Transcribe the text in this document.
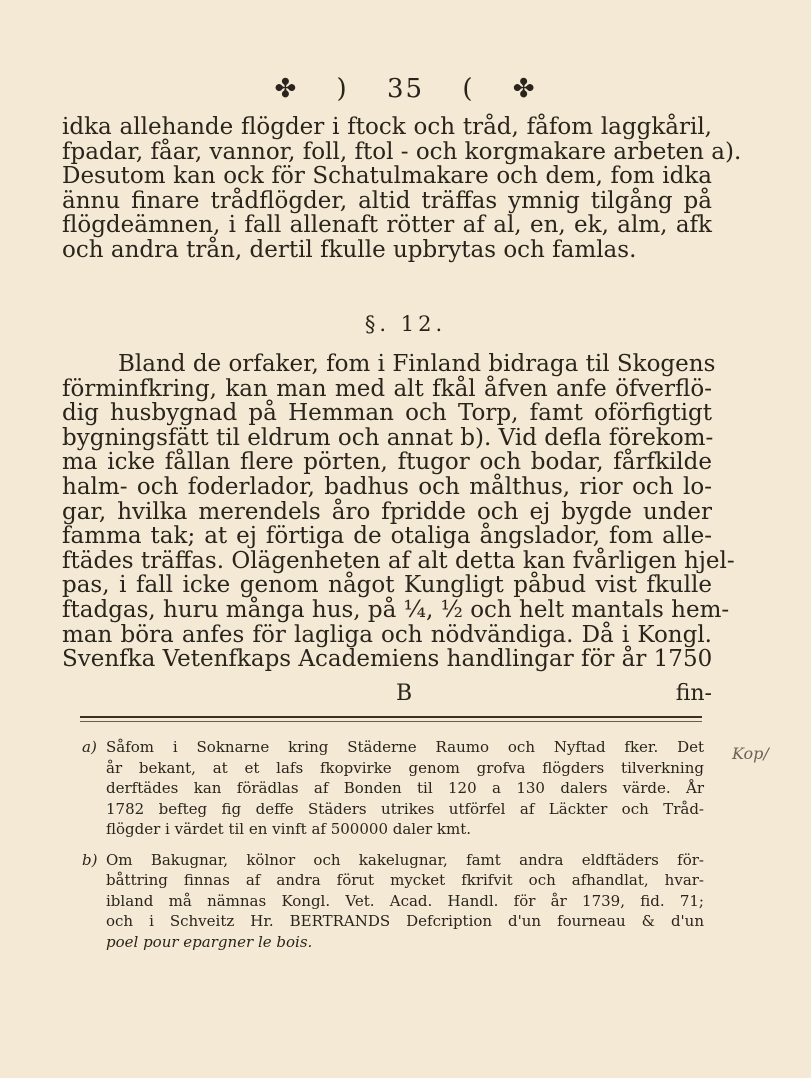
✤ ) 35 ( ✤
idka allehande flögder i ftock och tråd, fåfom laggkåril,
fpadar, fåar, vannor, foll, ftol - och korgmakare arbeten a).
Desutom kan ock för Schatulmakare och dem, fom idka
ännu finare trådflögder, altid träffas ymnig tilgång på
flögdeämnen, i fall allenaft rötter af al, en, ek, alm, afk
och andra trån, dertil fkulle upbrytas och famlas.
§. 12.
Bland de orfaker, fom i Finland bidraga til Skogens
förminfkring, kan man med alt fkål åfven anfe öfverflö-
dig husbygnad på Hemman och Torp, famt oförfigtigt
bygningsfätt til eldrum och annat b). Vid defla förekom-
ma icke fållan flere pörten, ftugor och bodar, fårfkilde
halm- och foderlador, badhus och målthus, rior och lo-
gar, hvilka merendels åro fpridde och ej bygde under
famma tak; at ej förtiga de otaliga ångslador, fom alle-
ftädes träffas. Olägenheten af alt detta kan fvårligen hjel-
pas, i fall icke genom något Kungligt påbud vist fkulle
ftadgas, huru många hus, på ¼, ½ och helt mantals hem-
man böra anfes för lagliga och nödvändiga. Då i Kongl.
Svenfka Vetenfkaps Academiens handlingar för år 1750
B	fin-
a) Såfom i Soknarne kring Städerne Raumo och Nyftad fker. Det
år bekant, at et lafs fkopvirke genom grofva flögders tilverkning
derftädes kan förädlas af Bonden til 120 a 130 dalers värde. År
1782 befteg fig deffe Städers utrikes utförfel af Läckter och Tråd-
flögder i värdet til en vinft af 500000 daler kmt.
b) Om Bakugnar, kölnor och kakelugnar, famt andra eldftäders för-
båttring finnas af andra förut mycket fkrifvit och afhandlat, hvar-
ibland må nämnas Kongl. Vet. Acad. Handl. för år 1739, fid. 71;
och i Schveitz Hr. BERTRANDS Defcription d'un fourneau & d'un
poel pour epargner le bois.
Kop/
